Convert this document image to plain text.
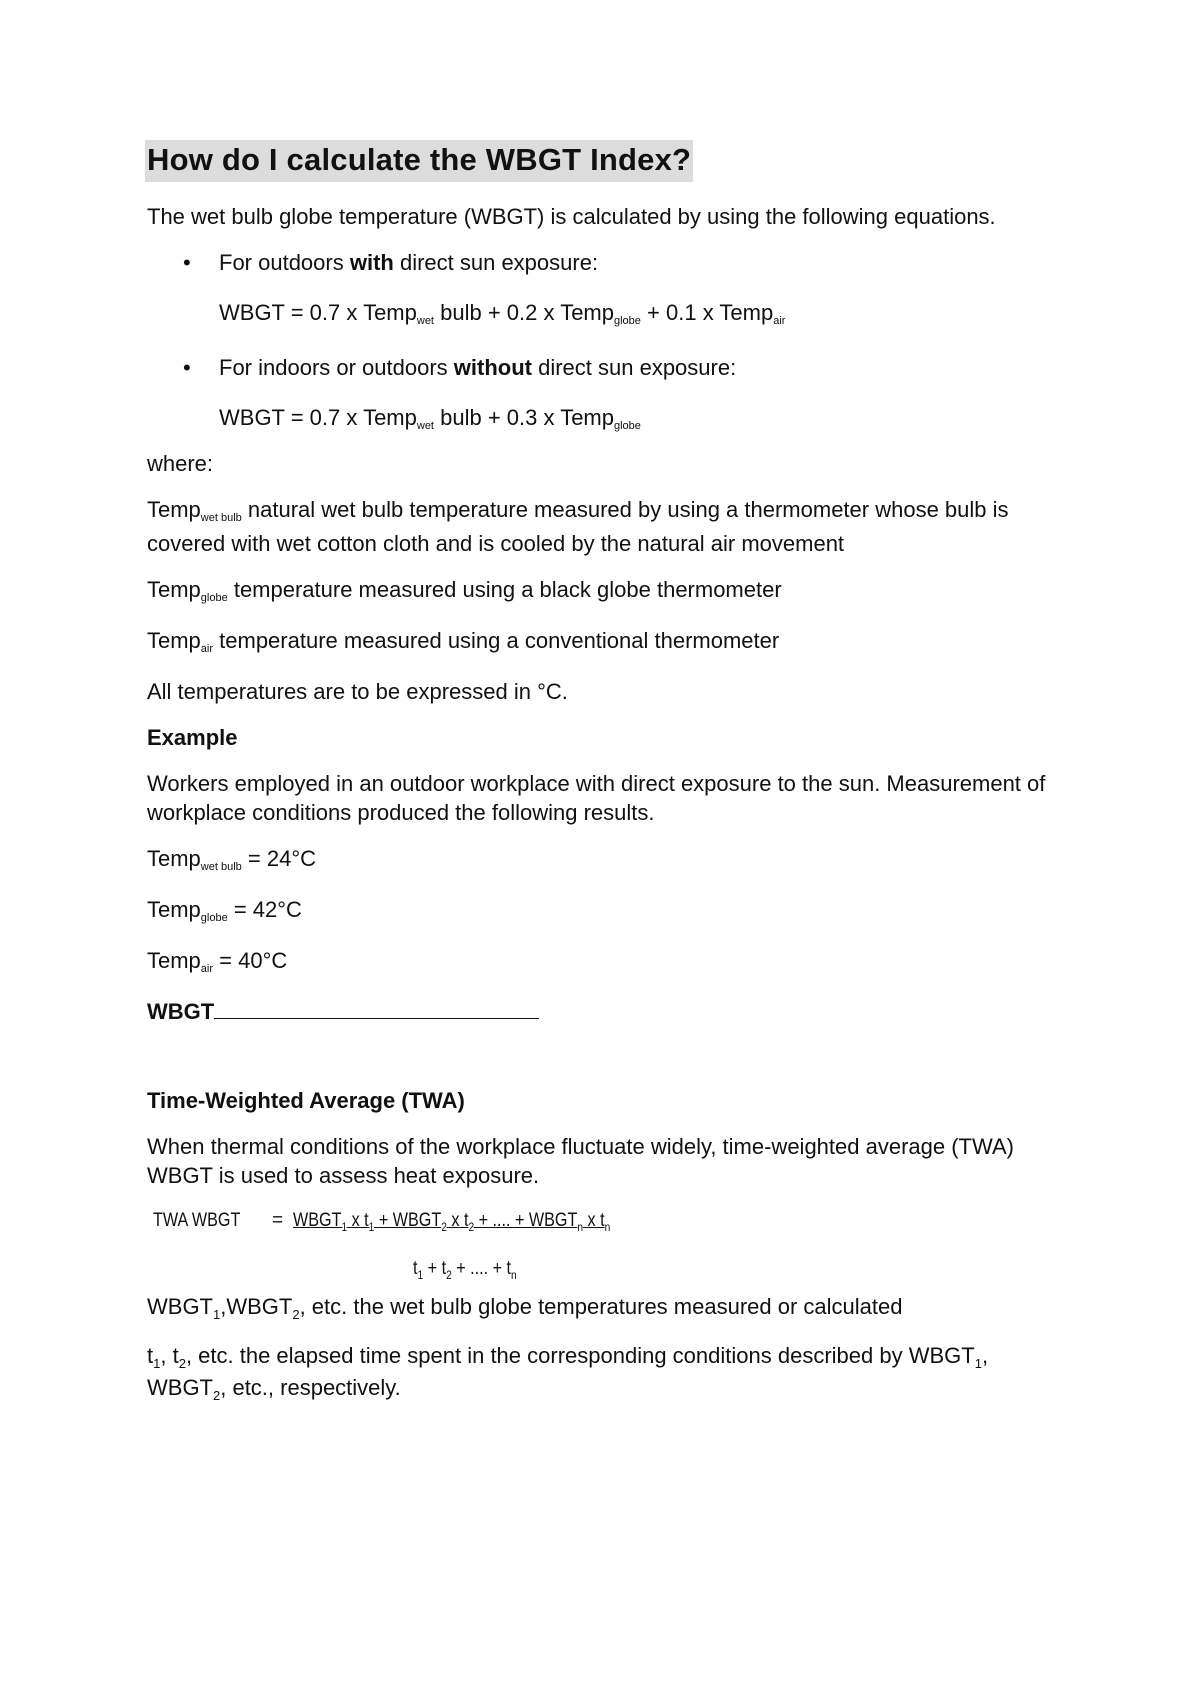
How do I calculate the WBGT Index?

The wet bulb globe temperature (WBGT) is calculated by using the following equations.

• For outdoors with direct sun exposure:
WBGT = 0.7 x Tempwet bulb + 0.2 x Tempglobe + 0.1 x Tempair
• For indoors or outdoors without direct sun exposure:
WBGT = 0.7 x Tempwet bulb + 0.3 x Tempglobe

where:

Tempwet bulb natural wet bulb temperature measured by using a thermometer whose bulb is covered with wet cotton cloth and is cooled by the natural air movement

Tempglobe temperature measured using a black globe thermometer

Tempair temperature measured using a conventional thermometer

All temperatures are to be expressed in °C.

Example

Workers employed in an outdoor workplace with direct exposure to the sun. Measurement of workplace conditions produced the following results.

Tempwet bulb = 24°C

Tempglobe = 42°C

Tempair = 40°C

WBGT
Time-Weighted Average (TWA)

When thermal conditions of the workplace fluctuate widely, time-weighted average (TWA) WBGT is used to assess heat exposure.

TWA WBGT = $WBGT_1$ x $t_1$ + $WBGT_2$ x $t_2$ + .... + $WBGT_n$ x $t_n$
$t_1 + t_2$ + .... + $t_n$

$WBGT_1,WBGT_2$, etc. the wet bulb globe temperatures measured or calculated

$t_1$, $t_2$, etc. the elapsed time spent in the corresponding conditions described by $WBGT_1$, $WBGT_2$, etc., respectively.
